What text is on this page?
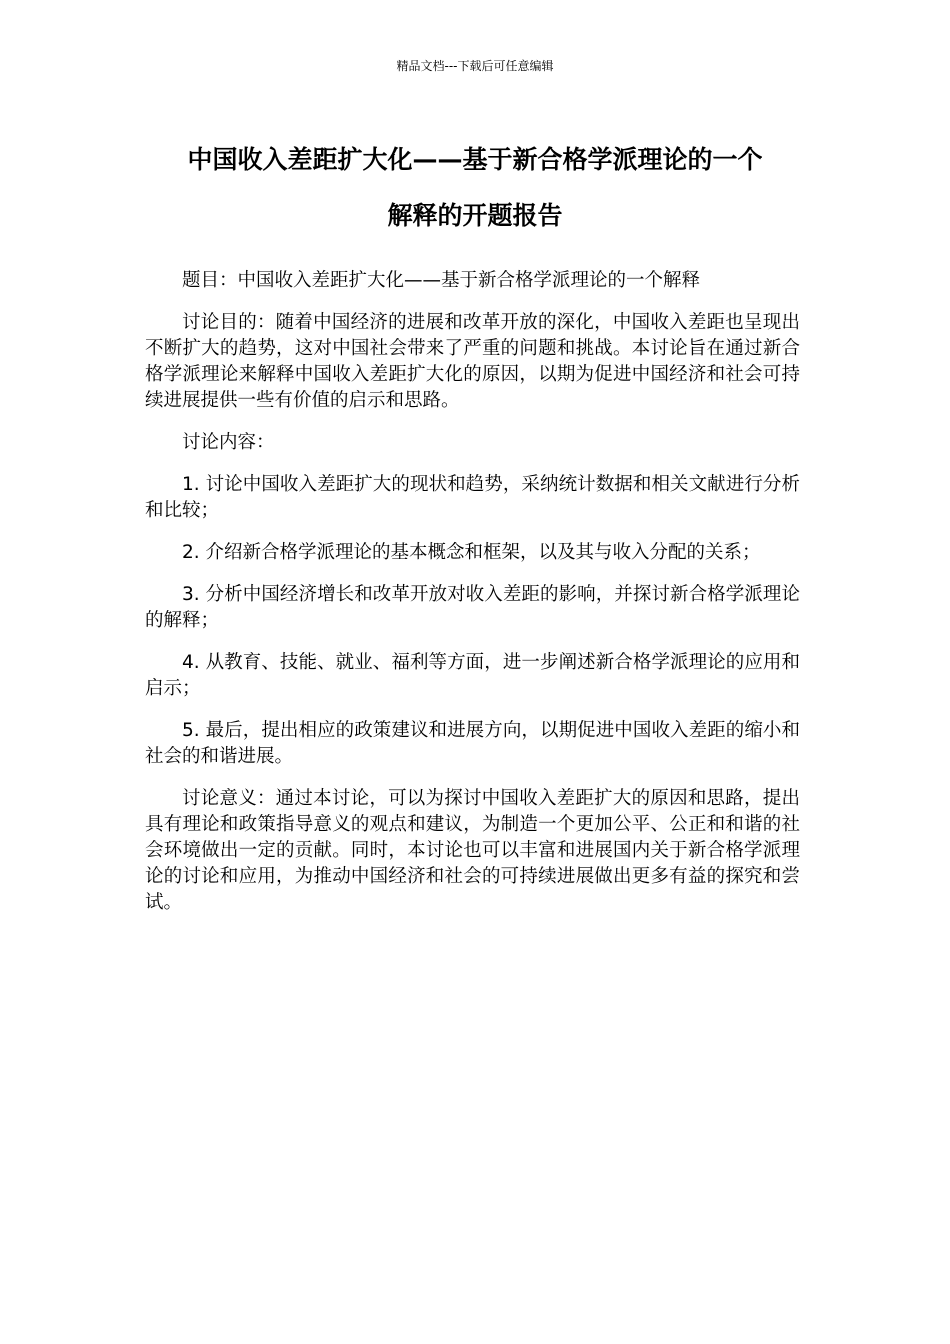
精品文档---下载后可任意编辑
中国收入差距扩大化——基于新合格学派理论的一个
解释的开题报告

题目：中国收入差距扩大化——基于新合格学派理论的一个解释

讨论目的：随着中国经济的进展和改革开放的深化，中国收入差距也呈现出不断扩大的趋势，这对中国社会带来了严重的问题和挑战。本讨论旨在通过新合格学派理论来解释中国收入差距扩大化的原因，以期为促进中国经济和社会可持续进展提供一些有价值的启示和思路。

讨论内容：

1. 讨论中国收入差距扩大的现状和趋势，采纳统计数据和相关文献进行分析和比较；

2. 介绍新合格学派理论的基本概念和框架，以及其与收入分配的关系；

3. 分析中国经济增长和改革开放对收入差距的影响，并探讨新合格学派理论的解释；

4. 从教育、技能、就业、福利等方面，进一步阐述新合格学派理论的应用和启示；

5. 最后，提出相应的政策建议和进展方向，以期促进中国收入差距的缩小和社会的和谐进展。

讨论意义：通过本讨论，可以为探讨中国收入差距扩大的原因和思路，提出具有理论和政策指导意义的观点和建议，为制造一个更加公平、公正和和谐的社会环境做出一定的贡献。同时，本讨论也可以丰富和进展国内关于新合格学派理论的讨论和应用，为推动中国经济和社会的可持续进展做出更多有益的探究和尝试。
